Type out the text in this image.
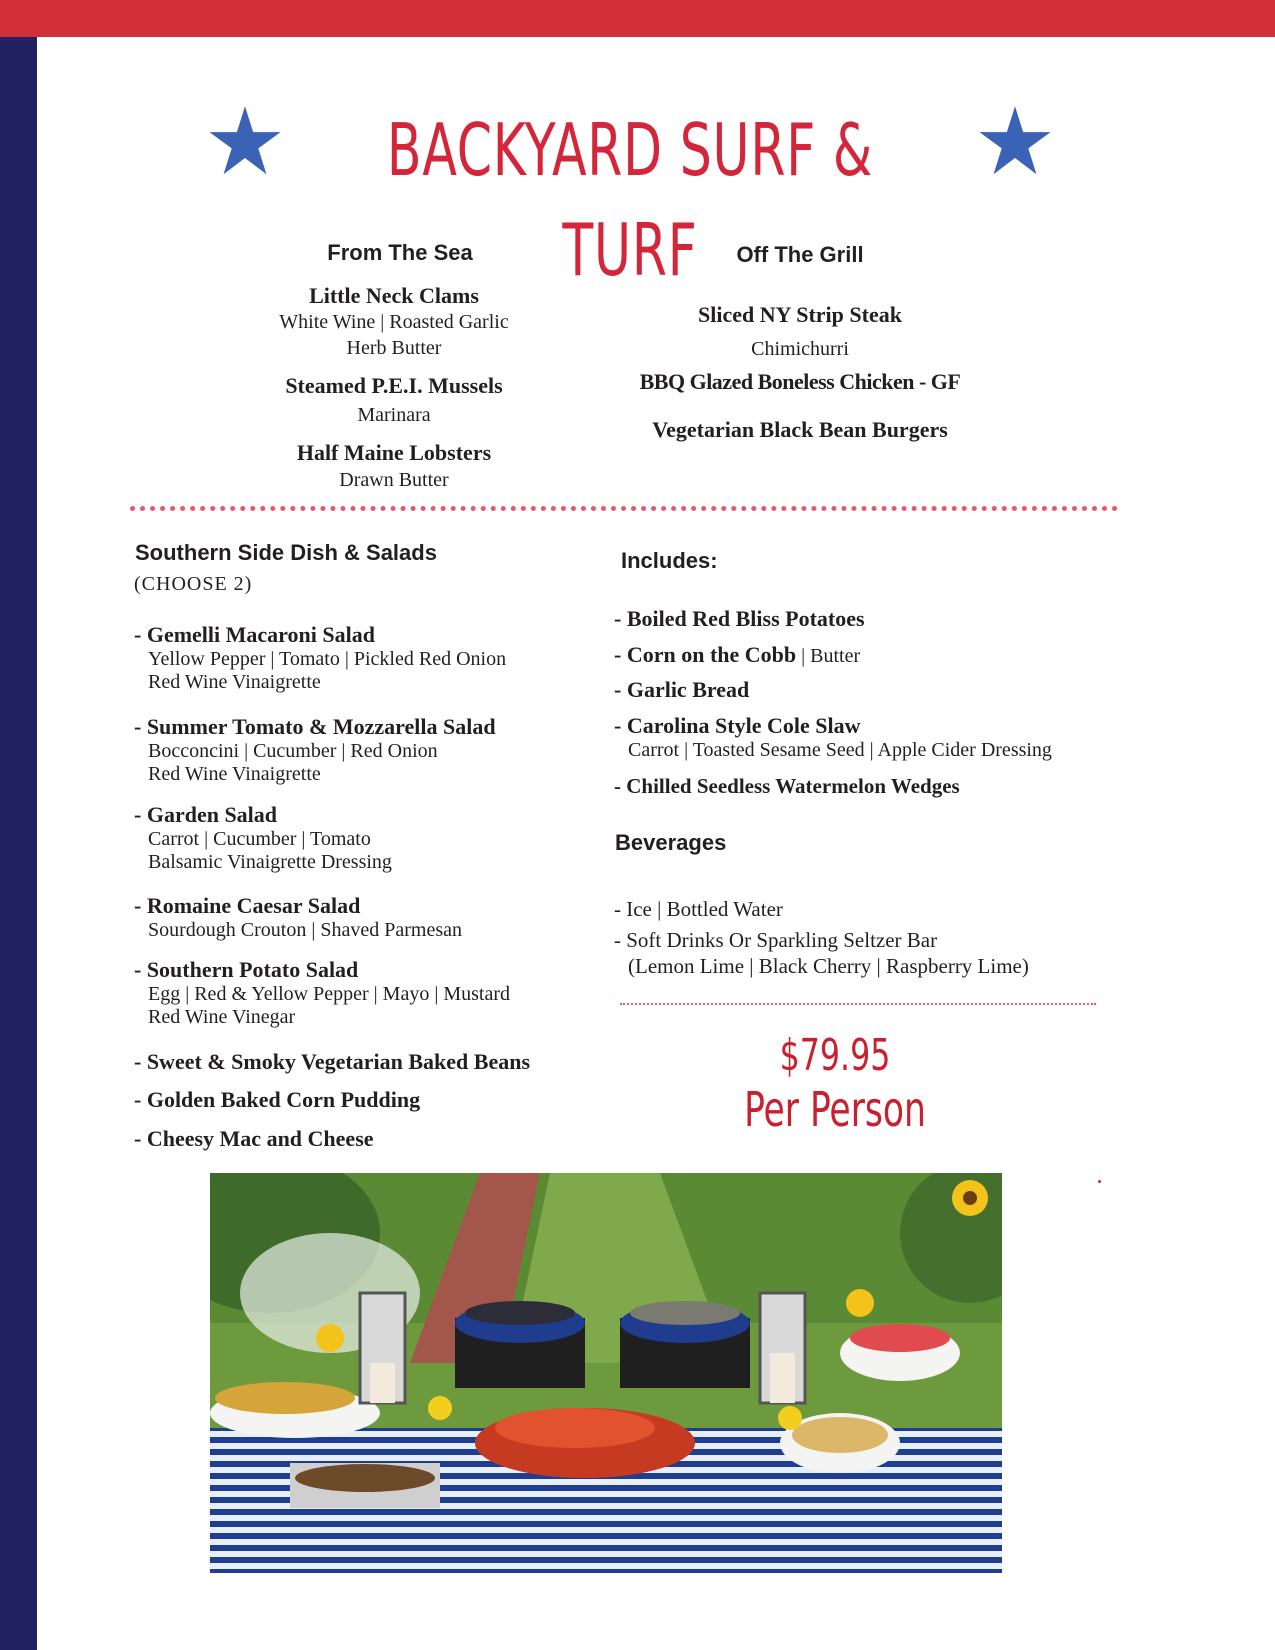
BACKYARD SURF & TURF
From The Sea
Little Neck Clams
White Wine | Roasted Garlic
Herb Butter
Steamed P.E.I. Mussels
Marinara
Half Maine Lobsters
Drawn Butter
Off The Grill
Sliced NY Strip Steak
Chimichurri
BBQ Glazed Boneless Chicken - GF
Vegetarian Black Bean Burgers
Southern Side Dish & Salads
(CHOOSE 2)
- Gemelli Macaroni Salad
Yellow Pepper | Tomato | Pickled Red Onion
Red Wine Vinaigrette
- Summer Tomato & Mozzarella Salad
Bocconcini | Cucumber | Red Onion
Red Wine Vinaigrette
- Garden Salad
Carrot | Cucumber | Tomato
Balsamic Vinaigrette Dressing
- Romaine Caesar Salad
Sourdough Crouton | Shaved Parmesan
- Southern Potato Salad
Egg | Red & Yellow Pepper | Mayo | Mustard
Red Wine Vinegar
- Sweet & Smoky Vegetarian Baked Beans
- Golden Baked Corn Pudding
- Cheesy Mac and Cheese
Includes:
- Boiled Red Bliss Potatoes
- Corn on the Cobb | Butter
- Garlic Bread
- Carolina Style Cole Slaw
Carrot | Toasted Sesame Seed | Apple Cider Dressing
- Chilled Seedless Watermelon Wedges
Beverages
- Ice | Bottled Water
- Soft Drinks Or Sparkling Seltzer Bar
(Lemon Lime | Black Cherry | Raspberry Lime)
$79.95
Per Person
